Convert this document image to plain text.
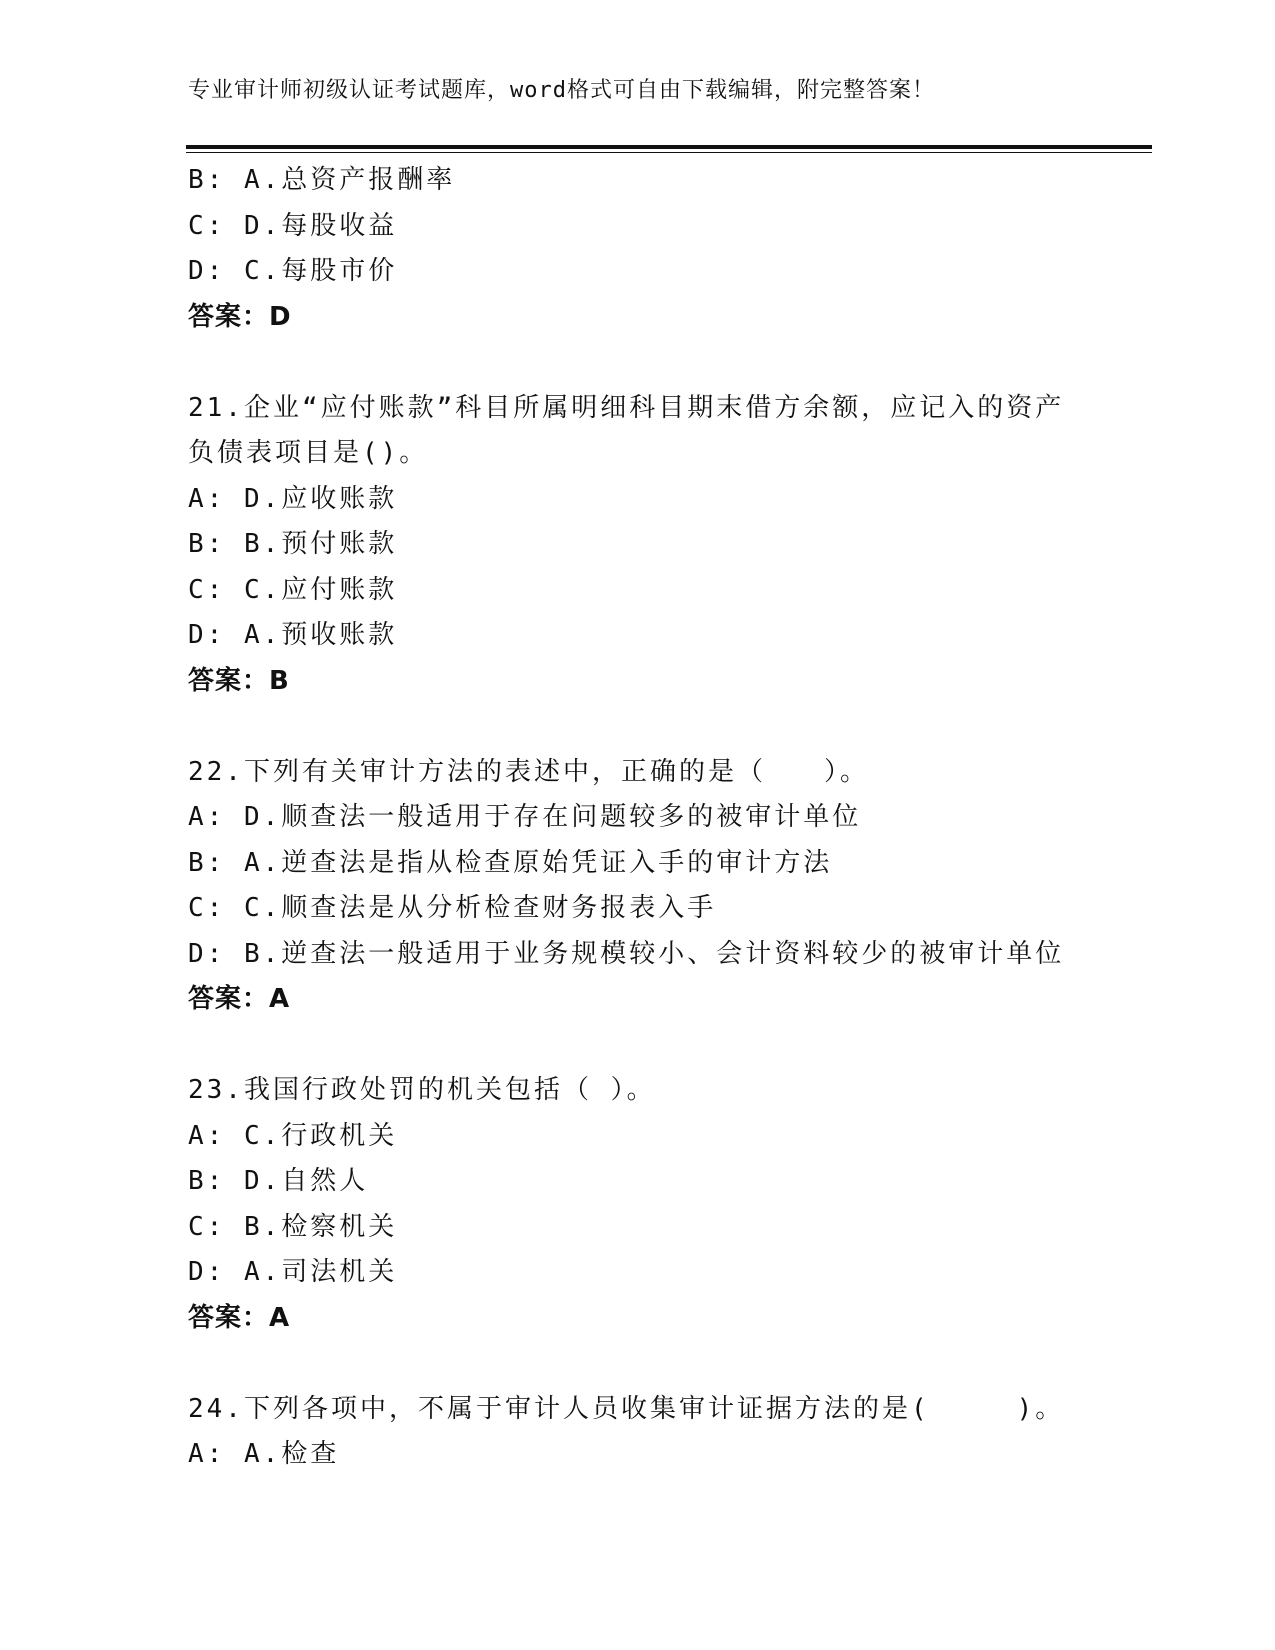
专业审计师初级认证考试题库，word格式可自由下载编辑，附完整答案！
B: A.总资产报酬率
C: D.每股收益
D: C.每股市价
答案：D
21.企业“应付账款”科目所属明细科目期末借方余额，应记入的资产
负债表项目是()。
A: D.应收账款
B: B.预付账款
C: C.应付账款
D: A.预收账款
答案：B
22.下列有关审计方法的表述中，正确的是（　　）。
A: D.顺查法一般适用于存在问题较多的被审计单位
B: A.逆查法是指从检查原始凭证入手的审计方法
C: C.顺查法是从分析检查财务报表入手
D: B.逆查法一般适用于业务规模较小、会计资料较少的被审计单位
答案：A
23.我国行政处罚的机关包括（ ）。
A: C.行政机关
B: D.自然人
C: B.检察机关
D: A.司法机关
答案：A
24.下列各项中，不属于审计人员收集审计证据方法的是(　　　)。
A: A.检查
